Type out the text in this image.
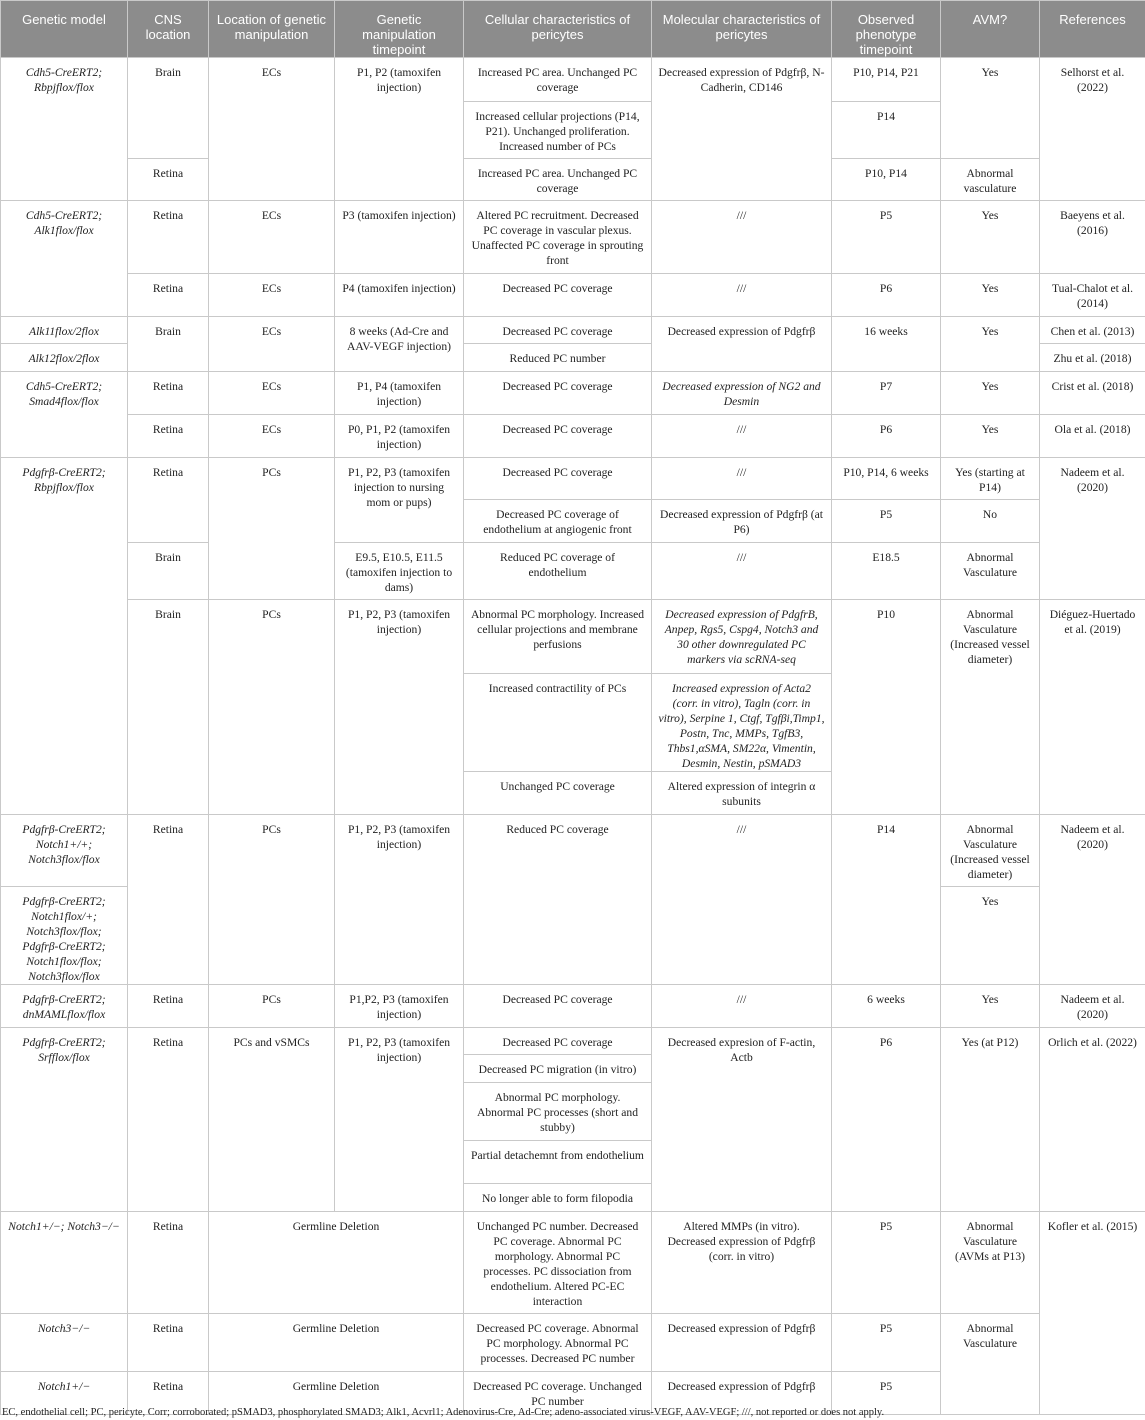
Genetic model	CNS location	Location of genetic manipulation	Genetic manipulation timepoint	Cellular characteristics of pericytes	Molecular characteristics of pericytes	Observed phenotype timepoint	AVM?	References
Cdh5-CreERT2; Rbpjflox/flox	Brain	ECs	P1, P2 (tamoxifen injection)	Increased PC area. Unchanged PC coverage	Decreased expression of Pdgfrβ, N-Cadherin, CD146	P10, P14, P21	Yes	Selhorst et al. (2022)
				Increased cellular projections (P14, P21). Unchanged proliferation. Increased number of PCs		P14		
	Retina			Increased PC area. Unchanged PC coverage		P10, P14	Abnormal vasculature	
Cdh5-CreERT2; Alk1flox/flox	Retina	ECs	P3 (tamoxifen injection)	Altered PC recruitment. Decreased PC coverage in vascular plexus. Unaffected PC coverage in sprouting front	///	P5	Yes	Baeyens et al. (2016)
	Retina	ECs	P4 (tamoxifen injection)	Decreased PC coverage	///	P6	Yes	Tual-Chalot et al. (2014)
Alk11flox/2flox	Brain	ECs	8 weeks (Ad-Cre and AAV-VEGF injection)	Decreased PC coverage	Decreased expression of Pdgfrβ	16 weeks	Yes	Chen et al. (2013)
Alk12flox/2flox				Reduced PC number				Zhu et al. (2018)
Cdh5-CreERT2; Smad4flox/flox	Retina	ECs	P1, P4 (tamoxifen injection)	Decreased PC coverage	Decreased expression of NG2 and Desmin	P7	Yes	Crist et al. (2018)
	Retina	ECs	P0, P1, P2 (tamoxifen injection)	Decreased PC coverage	///	P6	Yes	Ola et al. (2018)
Pdgfrβ-CreERT2; Rbpjflox/flox	Retina	PCs	P1, P2, P3 (tamoxifen injection to nursing mom or pups)	Decreased PC coverage	///	P10, P14, 6 weeks	Yes (starting at P14)	Nadeem et al. (2020)
				Decreased PC coverage of endothelium at angiogenic front	Decreased expression of Pdgfrβ (at P6)	P5	No	
	Brain		E9.5, E10.5, E11.5 (tamoxifen injection to dams)	Reduced PC coverage of endothelium	///	E18.5	Abnormal Vasculature	
	Brain	PCs	P1, P2, P3 (tamoxifen injection)	Abnormal PC morphology. Increased cellular projections and membrane perfusions	Decreased expression of PdgfrB, Anpep, Rgs5, Cspg4, Notch3 and 30 other downregulated PC markers via scRNA-seq	P10	Abnormal Vasculature (Increased vessel diameter)	Diéguez-Huertado et al. (2019)
				Increased contractility of PCs	Increased expression of Acta2 (corr. in vitro), Tagln (corr. in vitro), Serpine 1, Ctgf, Tgfβi,Timp1, Postn, Tnc, MMPs, TgfB3, Thbs1,αSMA, SM22α, Vimentin, Desmin, Nestin, pSMAD3			
				Unchanged PC coverage	Altered expression of integrin α subunits			
Pdgfrβ-CreERT2; Notch1+/+; Notch3flox/flox	Retina	PCs	P1, P2, P3 (tamoxifen injection)	Reduced PC coverage	///	P14	Abnormal Vasculature (Increased vessel diameter)	Nadeem et al. (2020)
Pdgfrβ-CreERT2; Notch1flox/+; Notch3flox/flox; Pdgfrβ-CreERT2; Notch1flox/flox; Notch3flox/flox							Yes	
Pdgfrβ-CreERT2; dnMAMLflox/flox	Retina	PCs	P1,P2, P3 (tamoxifen injection)	Decreased PC coverage	///	6 weeks	Yes	Nadeem et al. (2020)
Pdgfrβ-CreERT2; Srfflox/flox	Retina	PCs and vSMCs	P1, P2, P3 (tamoxifen injection)	Decreased PC coverage	Decreased expresion of F-actin, Actb	P6	Yes (at P12)	Orlich et al. (2022)
				Decreased PC migration (in vitro)				
				Abnormal PC morphology. Abnormal PC processes (short and stubby)				
				Partial detachemnt from endothelium				
				No longer able to form filopodia				
Notch1+/−; Notch3−/−	Retina	Germline Deletion		Unchanged PC number. Decreased PC coverage. Abnormal PC morphology. Abnormal PC processes. PC dissociation from endothelium. Altered PC-EC interaction	Altered MMPs (in vitro). Decreased expression of Pdgfrβ (corr. in vitro)	P5	Abnormal Vasculature (AVMs at P13)	Kofler et al. (2015)
Notch3−/−	Retina	Germline Deletion		Decreased PC coverage. Abnormal PC morphology. Abnormal PC processes. Decreased PC number	Decreased expression of Pdgfrβ	P5	Abnormal Vasculature	
Notch1+/−	Retina	Germline Deletion		Decreased PC coverage. Unchanged PC number	Decreased expression of Pdgfrβ	P5		
EC, endothelial cell; PC, pericyte, Corr; corroborated; pSMAD3, phosphorylated SMAD3; Alk1, Acvrl1; Adenovirus-Cre, Ad-Cre; adeno-associated virus-VEGF, AAV-VEGF; ///, not reported or does not apply.
